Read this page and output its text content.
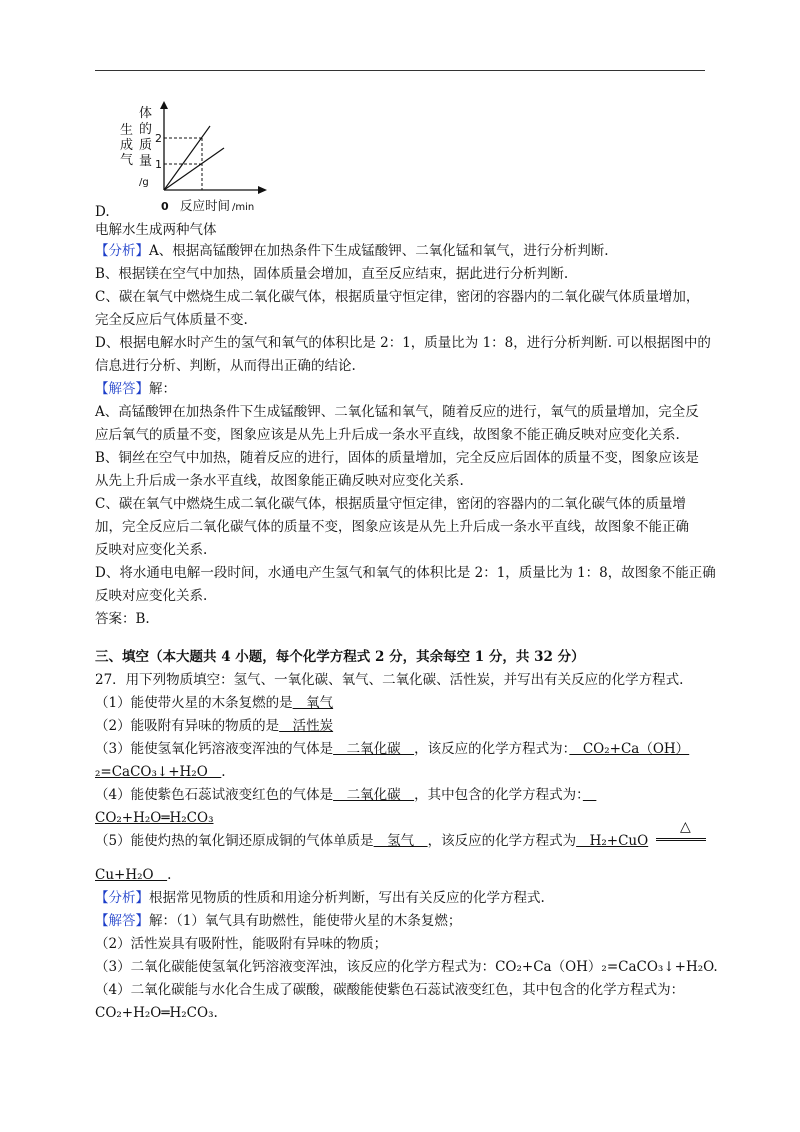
2
1
0
生
成
气
体
的
质
量
/g
反应时间 /min
D.
电解水生成两种气体
【分析】A、根据高锰酸钾在加热条件下生成锰酸钾、二氧化锰和氧气，进行分析判断.
B、根据镁在空气中加热，固体质量会增加，直至反应结束，据此进行分析判断.
C、碳在氧气中燃烧生成二氧化碳气体，根据质量守恒定律，密闭的容器内的二氧化碳气体质量增加，
完全反应后气体质量不变.
D、根据电解水时产生的氢气和氧气的体积比是 2：1，质量比为 1：8，进行分析判断. 可以根据图中的
信息进行分析、判断，从而得出正确的结论.
【解答】解：
A、高锰酸钾在加热条件下生成锰酸钾、二氧化锰和氧气，随着反应的进行，氧气的质量增加，完全反
应后氧气的质量不变，图象应该是从先上升后成一条水平直线，故图象不能正确反映对应变化关系.
B、铜丝在空气中加热，随着反应的进行，固体的质量增加，完全反应后固体的质量不变，图象应该是
从先上升后成一条水平直线，故图象能正确反映对应变化关系.
C、碳在氧气中燃烧生成二氧化碳气体，根据质量守恒定律，密闭的容器内的二氧化碳气体的质量增
加，完全反应后二氧化碳气体的质量不变，图象应该是从先上升后成一条水平直线，故图象不能正确
反映对应变化关系.
D、将水通电电解一段时间，水通电产生氢气和氧气的体积比是 2：1，质量比为 1：8，故图象不能正确
反映对应变化关系.
答案：B.
三、填空（本大题共 4 小题，每个化学方程式 2 分，其余每空 1 分，共 32 分）
27．用下列物质填空：氢气、一氧化碳、氧气、二氧化碳、活性炭，并写出有关反应的化学方程式.
（1）能使带火星的木条复燃的是　氧气
（2）能吸附有异味的物质的是　活性炭
（3）能使氢氧化钙溶液变浑浊的气体是　二氧化碳　，该反应的化学方程式为：　CO₂+Ca（OH）
₂=CaCO₃↓+H₂O　.
（4）能使紫色石蕊试液变红色的气体是　二氧化碳　，其中包含的化学方程式为：　
CO₂+H₂O═H₂CO₃
（5）能使灼热的氧化铜还原成铜的气体单质是　氢气　，该反应的化学方程式为　H₂+CuO
Cu+H₂O　.
【分析】根据常见物质的性质和用途分析判断，写出有关反应的化学方程式.
【解答】解：（1）氧气具有助燃性，能使带火星的木条复燃；
（2）活性炭具有吸附性，能吸附有异味的物质；
（3）二氧化碳能使氢氧化钙溶液变浑浊，该反应的化学方程式为：CO₂+Ca（OH）₂=CaCO₃↓+H₂O.
（4）二氧化碳能与水化合生成了碳酸，碳酸能使紫色石蕊试液变红色，其中包含的化学方程式为：
CO₂+H₂O═H₂CO₃.
△
